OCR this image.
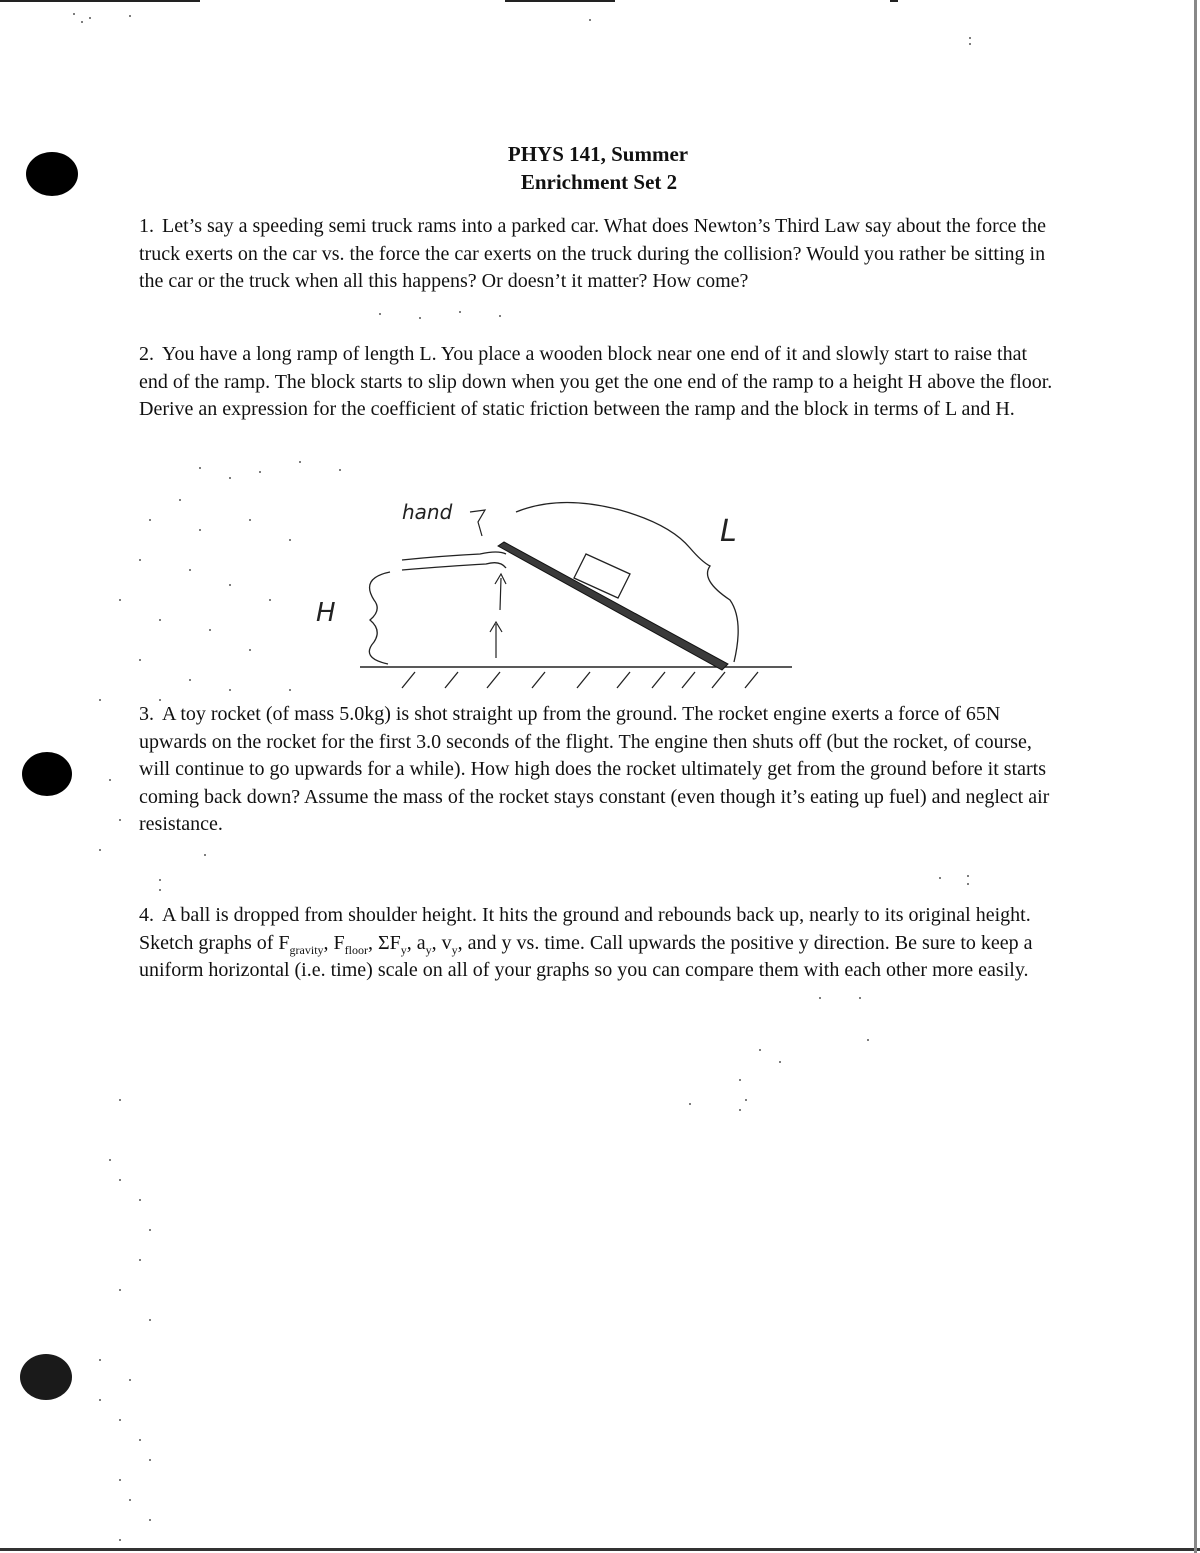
PHYS 141, Summer
Enrichment Set 2
1. Let’s say a speeding semi truck rams into a parked car. What does Newton’s Third Law say about the force the truck exerts on the car vs. the force the car exerts on the truck during the collision? Would you rather be sitting in the car or the truck when all this happens? Or doesn’t it matter? How come?
2. You have a long ramp of length L. You place a wooden block near one end of it and slowly start to raise that end of the ramp. The block starts to slip down when you get the one end of the ramp to a height H above the floor. Derive an expression for the coefficient of static friction between the ramp and the block in terms of L and H.
hand
L
H
3. A toy rocket (of mass 5.0kg) is shot straight up from the ground. The rocket engine exerts a force of 65N upwards on the rocket for the first 3.0 seconds of the flight. The engine then shuts off (but the rocket, of course, will continue to go upwards for a while). How high does the rocket ultimately get from the ground before it starts coming back down? Assume the mass of the rocket stays constant (even though it’s eating up fuel) and neglect air resistance.
4. A ball is dropped from shoulder height. It hits the ground and rebounds back up, nearly to its original height. Sketch graphs of $F_{gravity}$, $F_{floor}$, $\Sigma F_y$, $a_y$, $v_y$, and y vs. time. Call upwards the positive y direction. Be sure to keep a uniform horizontal (i.e. time) scale on all of your graphs so you can compare them with each other more easily.
